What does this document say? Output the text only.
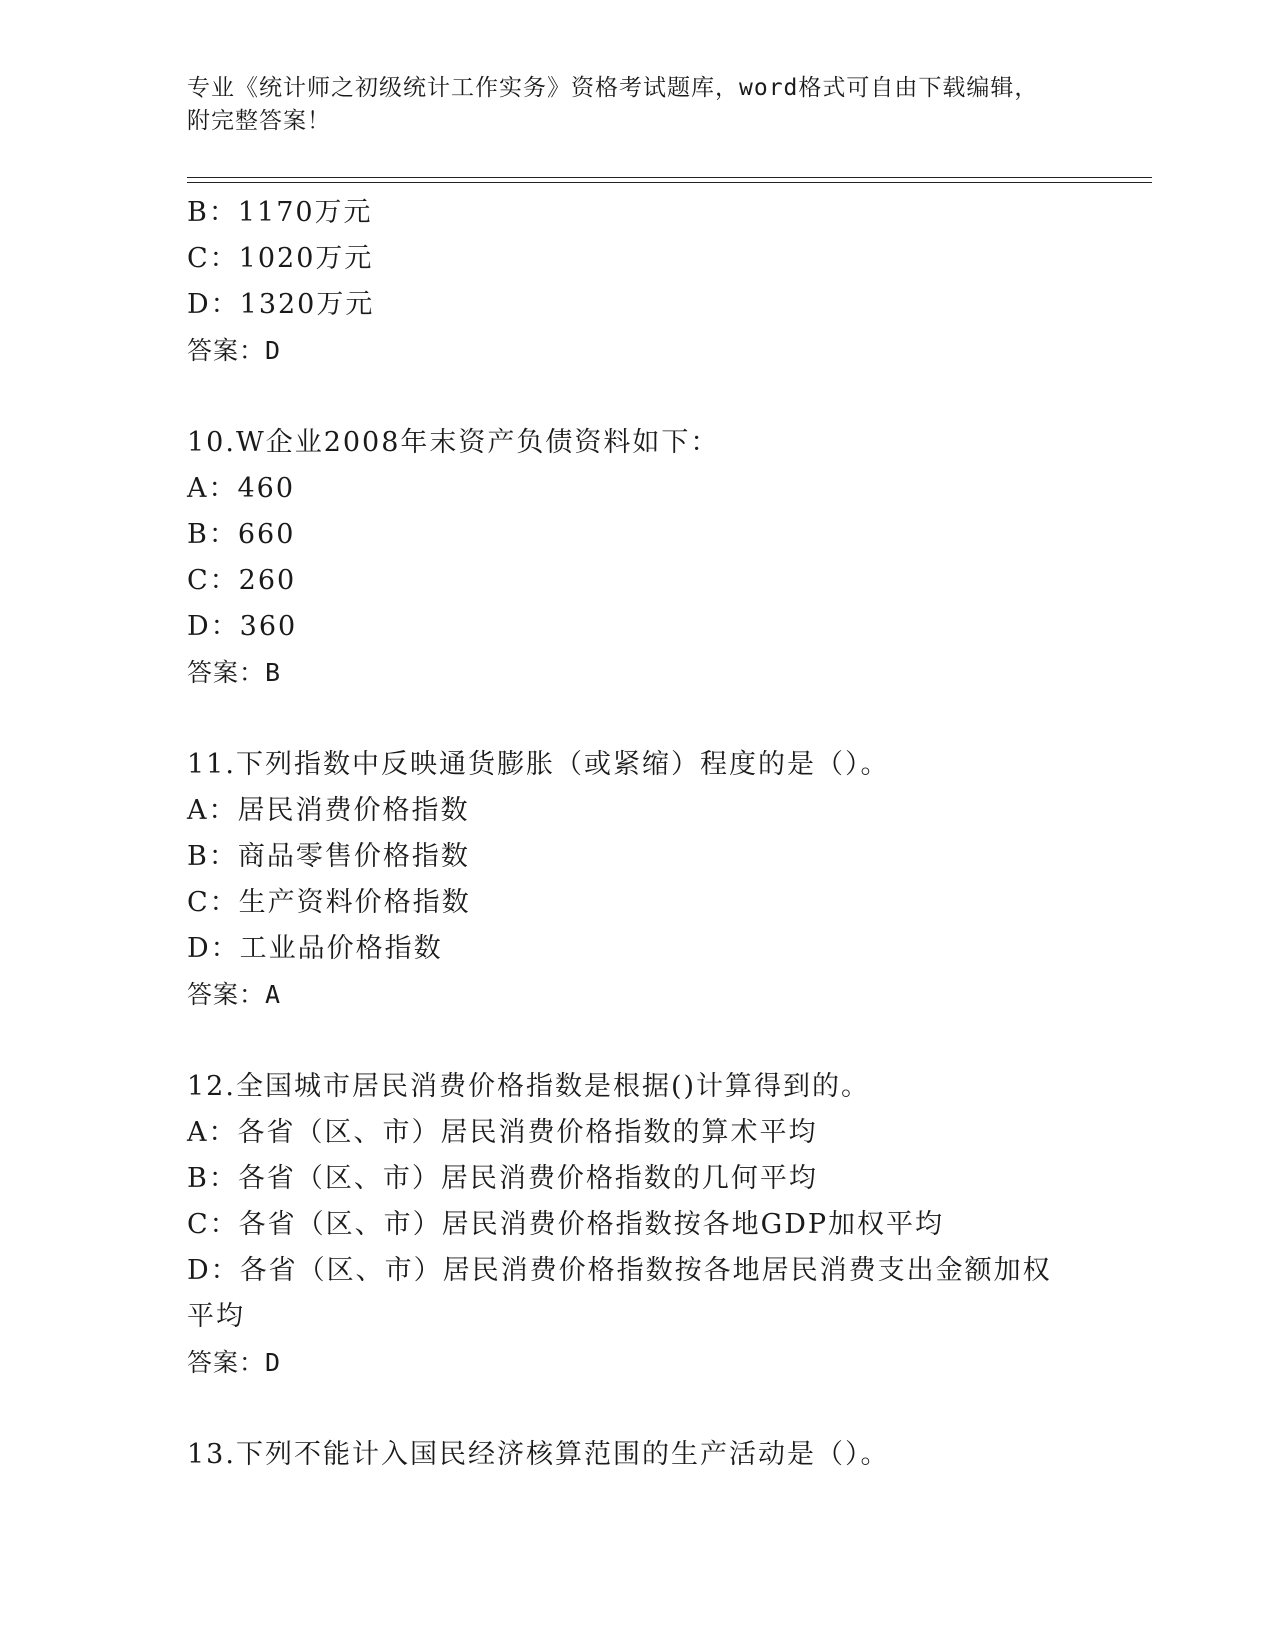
专业《统计师之初级统计工作实务》资格考试题库，word格式可自由下载编辑，
附完整答案！
B：1170万元
C：1020万元
D：1320万元
答案：D
10.W企业2008年末资产负债资料如下：
A：460
B：660
C：260
D：360
答案：B
11.下列指数中反映通货膨胀（或紧缩）程度的是（）。
A：居民消费价格指数
B：商品零售价格指数
C：生产资料价格指数
D：工业品价格指数
答案：A
12.全国城市居民消费价格指数是根据()计算得到的。
A：各省（区、市）居民消费价格指数的算术平均
B：各省（区、市）居民消费价格指数的几何平均
C：各省（区、市）居民消费价格指数按各地GDP加权平均
D：各省（区、市）居民消费价格指数按各地居民消费支出金额加权平均
答案：D
13.下列不能计入国民经济核算范围的生产活动是（）。
